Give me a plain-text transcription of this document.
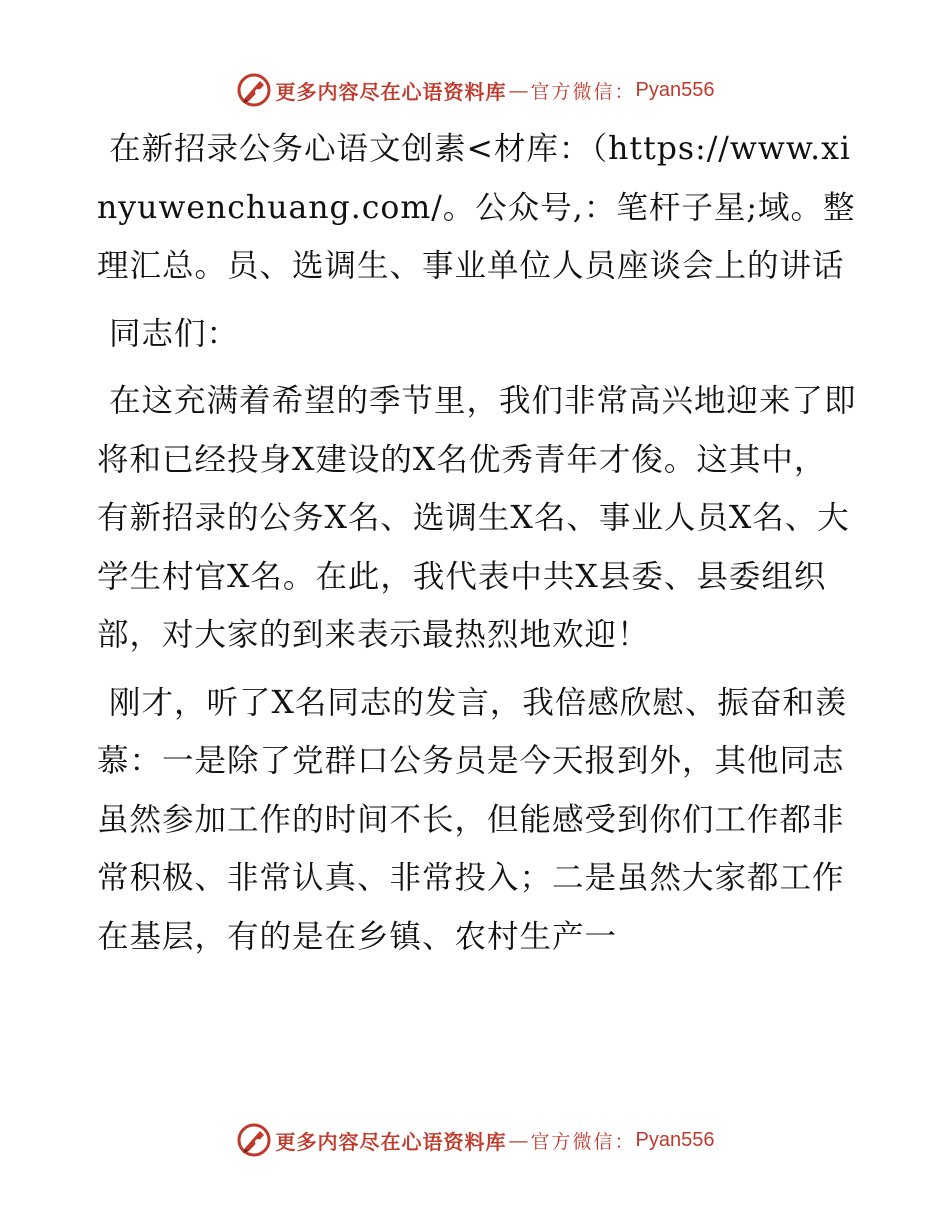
更多内容尽在心语资料库 — 官方微信： Pyan556

在新招录公务心语文创素<材库：（https://www.xinyuwenchuang.com/。公众号,：笔杆子星;域。整理汇总。员、选调生、事业单位人员座谈会上的讲话

同志们：

在这充满着希望的季节里，我们非常高兴地迎来了即将和已经投身X建设的X名优秀青年才俊。这其中，有新招录的公务X名、选调生X名、事业人员X名、大学生村官X名。在此，我代表中共X县委、县委组织部，对大家的到来表示最热烈地欢迎！

刚才，听了X名同志的发言，我倍感欣慰、振奋和羡慕：一是除了党群口公务员是今天报到外，其他同志虽然参加工作的时间不长，但能感受到你们工作都非常积极、非常认真、非常投入；二是虽然大家都工作在基层，有的是在乡镇、农村生产一

更多内容尽在心语资料库 — 官方微信： Pyan556
